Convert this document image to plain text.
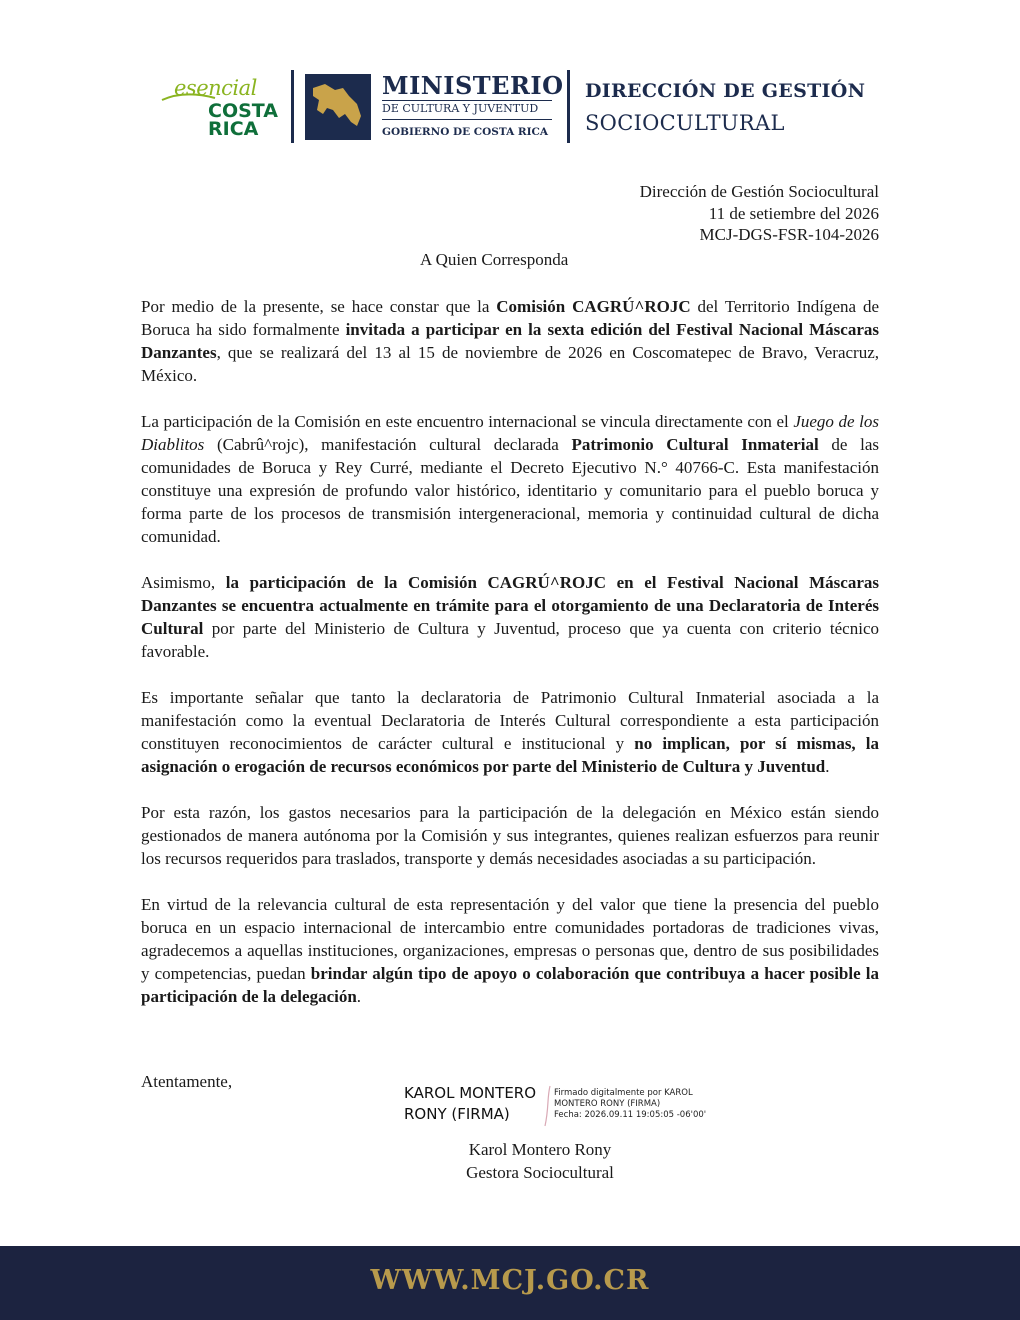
esencial
COSTA
RICA
MINISTERIO
DE CULTURA Y JUVENTUD
GOBIERNO DE COSTA RICA
DIRECCIÓN DE GESTIÓN
SOCIOCULTURAL
Dirección de Gestión Sociocultural
11 de setiembre del 2026
MCJ-DGS-FSR-104-2026
A Quien Corresponda

Por medio de la presente, se hace constar que la Comisión CAGRÚ^ROJC del Territorio Indígena de Boruca ha sido formalmente invitada a participar en la sexta edición del Festival Nacional Máscaras Danzantes, que se realizará del 13 al 15 de noviembre de 2026 en Coscomatepec de Bravo, Veracruz, México.

La participación de la Comisión en este encuentro internacional se vincula directamente con el Juego de los Diablitos (Cabrû^rojc), manifestación cultural declarada Patrimonio Cultural Inmaterial de las comunidades de Boruca y Rey Curré, mediante el Decreto Ejecutivo N.° 40766-C. Esta manifestación constituye una expresión de profundo valor histórico, identitario y comunitario para el pueblo boruca y forma parte de los procesos de transmisión intergeneracional, memoria y continuidad cultural de dicha comunidad.

Asimismo, la participación de la Comisión CAGRÚ^ROJC en el Festival Nacional Máscaras Danzantes se encuentra actualmente en trámite para el otorgamiento de una Declaratoria de Interés Cultural por parte del Ministerio de Cultura y Juventud, proceso que ya cuenta con criterio técnico favorable.

Es importante señalar que tanto la declaratoria de Patrimonio Cultural Inmaterial asociada a la manifestación como la eventual Declaratoria de Interés Cultural correspondiente a esta participación constituyen reconocimientos de carácter cultural e institucional y no implican, por sí mismas, la asignación o erogación de recursos económicos por parte del Ministerio de Cultura y Juventud.

Por esta razón, los gastos necesarios para la participación de la delegación en México están siendo gestionados de manera autónoma por la Comisión y sus integrantes, quienes realizan esfuerzos para reunir los recursos requeridos para traslados, transporte y demás necesidades asociadas a su participación.

En virtud de la relevancia cultural de esta representación y del valor que tiene la presencia del pueblo boruca en un espacio internacional de intercambio entre comunidades portadoras de tradiciones vivas, agradecemos a aquellas instituciones, organizaciones, empresas o personas que, dentro de sus posibilidades y competencias, puedan brindar algún tipo de apoyo o colaboración que contribuya a hacer posible la participación de la delegación.

Atentamente,
KAROL MONTERO
RONY (FIRMA)
Firmado digitalmente por KAROL
MONTERO RONY (FIRMA)
Fecha: 2026.09.11 19:05:05 -06'00'
Karol Montero Rony
Gestora Sociocultural
WWW.MCJ.GO.CR
